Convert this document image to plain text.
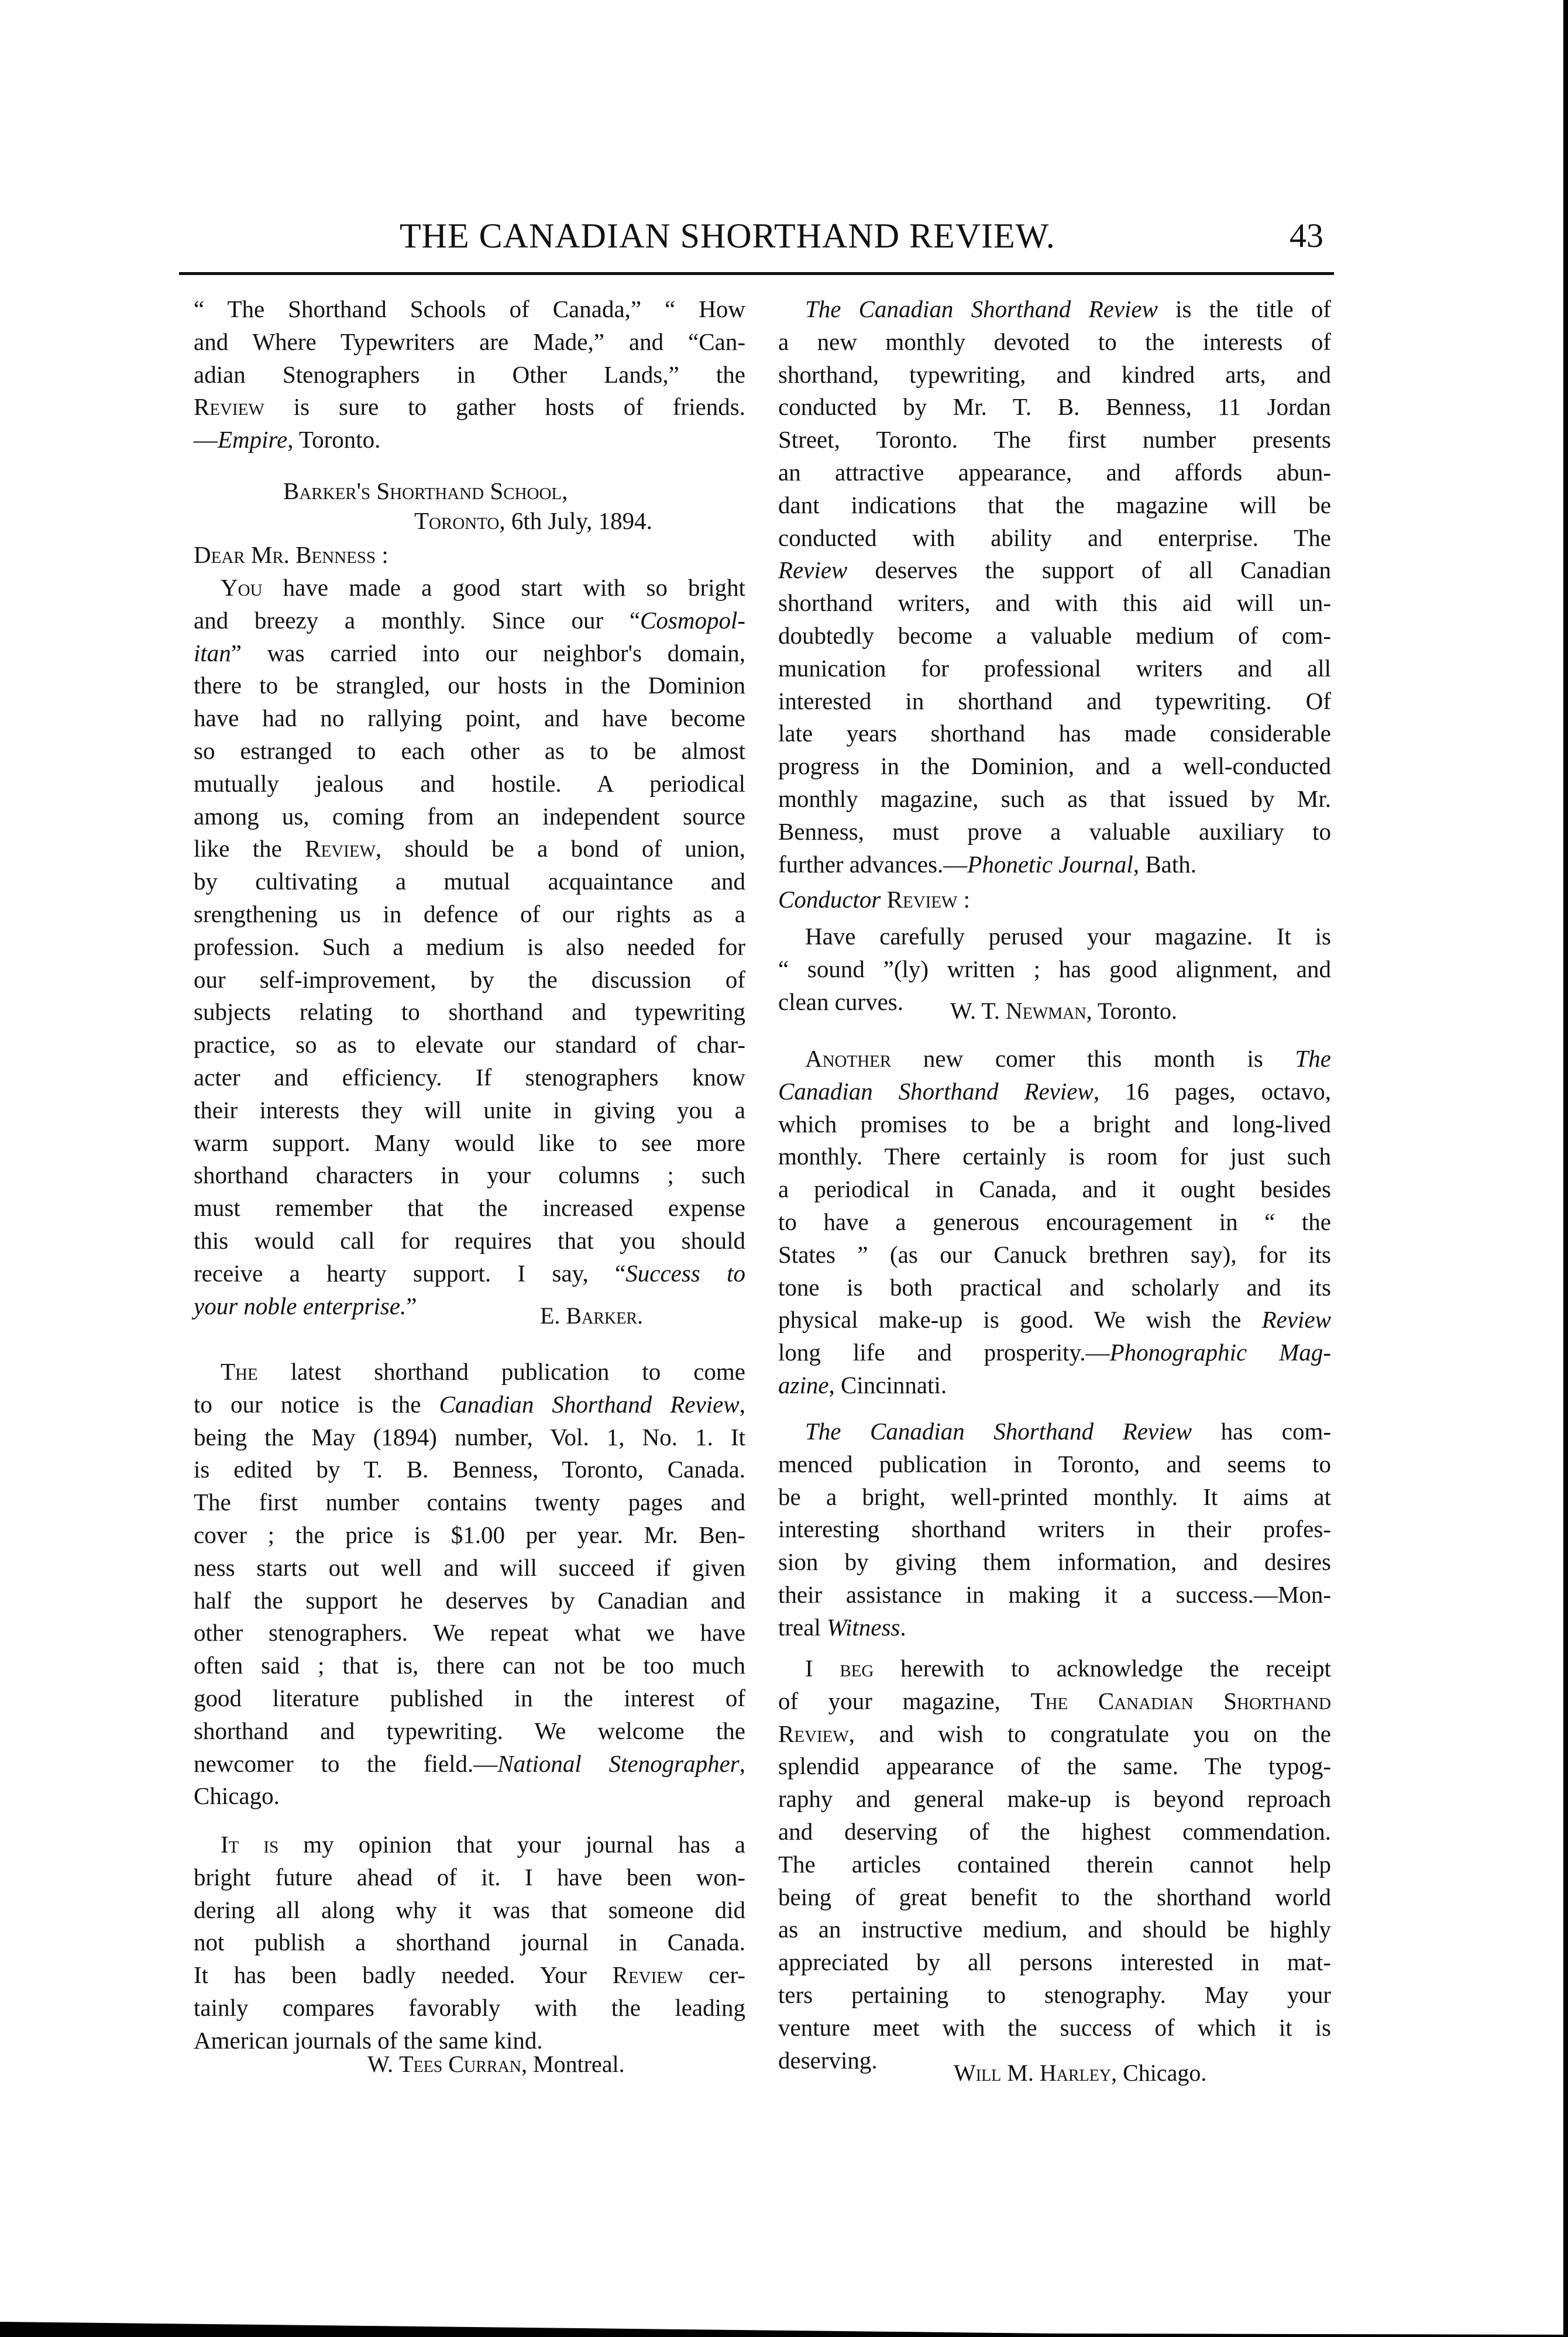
THE CANADIAN SHORTHAND REVIEW.	43
“ The Shorthand Schools of Canada,” “ How
and Where Typewriters are Made,” and “Can-
adian Stenographers in Other Lands,” the
Review is sure to gather hosts of friends.
—Empire, Toronto.
Barker's Shorthand School,
Toronto, 6th July, 1894.
Dear Mr. Benness :
You have made a good start with so bright
and breezy a monthly. Since our “Cosmopol-
itan” was carried into our neighbor's domain,
there to be strangled, our hosts in the Dominion
have had no rallying point, and have become
so estranged to each other as to be almost
mutually jealous and hostile. A periodical
among us, coming from an independent source
like the Review, should be a bond of union,
by cultivating a mutual acquaintance and
srengthening us in defence of our rights as a
profession. Such a medium is also needed for
our self-improvement, by the discussion of
subjects relating to shorthand and typewriting
practice, so as to elevate our standard of char-
acter and efficiency. If stenographers know
their interests they will unite in giving you a
warm support. Many would like to see more
shorthand characters in your columns ; such
must remember that the increased expense
this would call for requires that you should
receive a hearty support. I say, “Success to
your noble enterprise.”	E. Barker.
The latest shorthand publication to come
to our notice is the Canadian Shorthand Review,
being the May (1894) number, Vol. 1, No. 1. It
is edited by T. B. Benness, Toronto, Canada.
The first number contains twenty pages and
cover ; the price is $1.00 per year. Mr. Ben-
ness starts out well and will succeed if given
half the support he deserves by Canadian and
other stenographers. We repeat what we have
often said ; that is, there can not be too much
good literature published in the interest of
shorthand and typewriting. We welcome the
newcomer to the field.—National Stenographer,
Chicago.
It is my opinion that your journal has a
bright future ahead of it. I have been won-
dering all along why it was that someone did
not publish a shorthand journal in Canada.
It has been badly needed. Your Review cer-
tainly compares favorably with the leading
American journals of the same kind.
W. Tees Curran, Montreal.
The Canadian Shorthand Review is the title of
a new monthly devoted to the interests of
shorthand, typewriting, and kindred arts, and
conducted by Mr. T. B. Benness, 11 Jordan
Street, Toronto. The first number presents
an attractive appearance, and affords abun-
dant indications that the magazine will be
conducted with ability and enterprise. The
Review deserves the support of all Canadian
shorthand writers, and with this aid will un-
doubtedly become a valuable medium of com-
munication for professional writers and all
interested in shorthand and typewriting. Of
late years shorthand has made considerable
progress in the Dominion, and a well-conducted
monthly magazine, such as that issued by Mr.
Benness, must prove a valuable auxiliary to
further advances.—Phonetic Journal, Bath.
Conductor Review :
Have carefully perused your magazine. It is
“ sound ”(ly) written ; has good alignment, and
clean curves.	W. T. Newman, Toronto.
Another new comer this month is The
Canadian Shorthand Review, 16 pages, octavo,
which promises to be a bright and long-lived
monthly. There certainly is room for just such
a periodical in Canada, and it ought besides
to have a generous encouragement in “ the
States ” (as our Canuck brethren say), for its
tone is both practical and scholarly and its
physical make-up is good. We wish the Review
long life and prosperity.—Phonographic Mag-
azine, Cincinnati.
The Canadian Shorthand Review has com-
menced publication in Toronto, and seems to
be a bright, well-printed monthly. It aims at
interesting shorthand writers in their profes-
sion by giving them information, and desires
their assistance in making it a success.—Mon-
treal Witness.
I beg herewith to acknowledge the receipt
of your magazine, The Canadian Shorthand
Review, and wish to congratulate you on the
splendid appearance of the same. The typog-
raphy and general make-up is beyond reproach
and deserving of the highest commendation.
The articles contained therein cannot help
being of great benefit to the shorthand world
as an instructive medium, and should be highly
appreciated by all persons interested in mat-
ters pertaining to stenography. May your
venture meet with the success of which it is
deserving.	Will M. Harley, Chicago.
